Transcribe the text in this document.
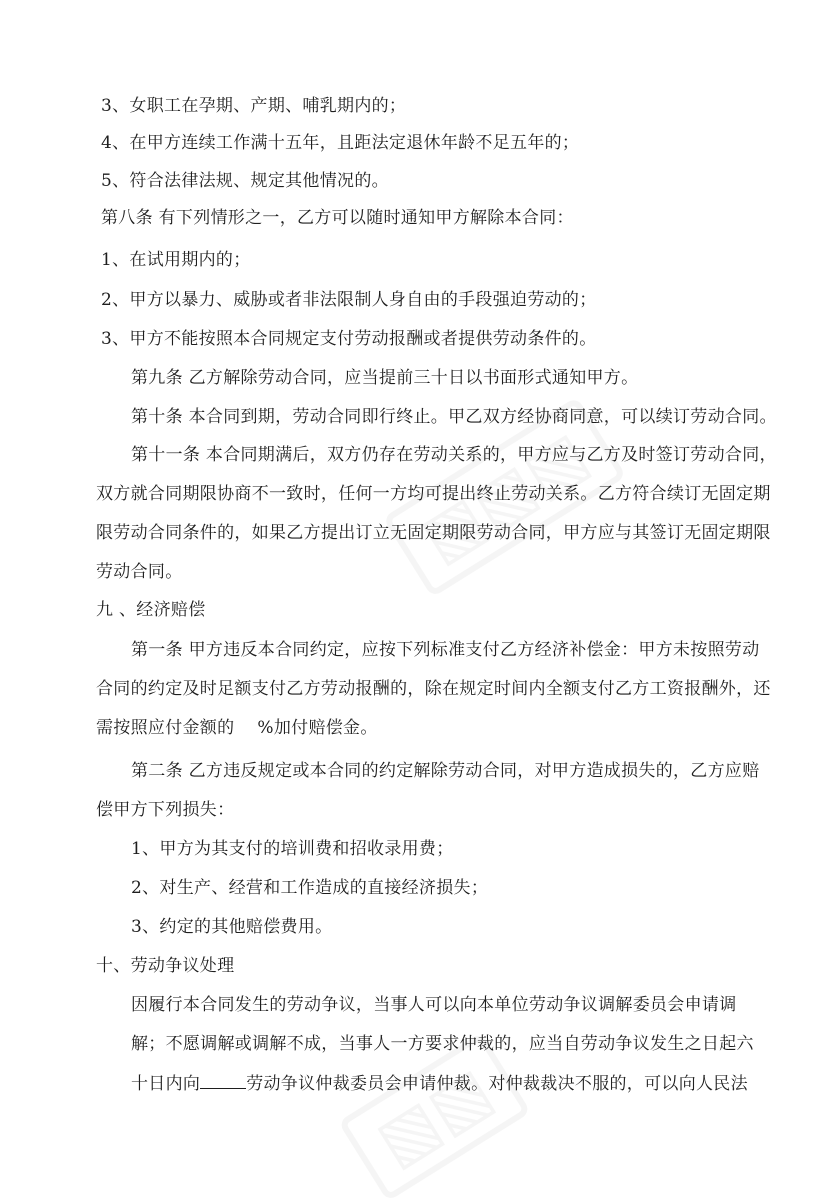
▧▧▧
▧▧
3、女职工在孕期、产期、哺乳期内的；
4、在甲方连续工作满十五年，且距法定退休年龄不足五年的；
5、符合法律法规、规定其他情况的。
第八条 有下列情形之一，乙方可以随时通知甲方解除本合同：
1、在试用期内的；
2、甲方以暴力、威胁或者非法限制人身自由的手段强迫劳动的；
3、甲方不能按照本合同规定支付劳动报酬或者提供劳动条件的。
第九条 乙方解除劳动合同，应当提前三十日以书面形式通知甲方。
第十条 本合同到期，劳动合同即行终止。甲乙双方经协商同意，可以续订劳动合同。
第十一条 本合同期满后，双方仍存在劳动关系的，甲方应与乙方及时签订劳动合同，
双方就合同期限协商不一致时，任何一方均可提出终止劳动关系。乙方符合续订无固定期
限劳动合同条件的，如果乙方提出订立无固定期限劳动合同，甲方应与其签订无固定期限
劳动合同。
九 、经济赔偿
第一条 甲方违反本合同约定，应按下列标准支付乙方经济补偿金：甲方未按照劳动
合同的约定及时足额支付乙方劳动报酬的，除在规定时间内全额支付乙方工资报酬外，还
需按照应付金额的　 %加付赔偿金。
第二条 乙方违反规定或本合同的约定解除劳动合同，对甲方造成损失的，乙方应赔
偿甲方下列损失：
1、甲方为其支付的培训费和招收录用费；
2、对生产、经营和工作造成的直接经济损失；
3、约定的其他赔偿费用。
十、劳动争议处理
因履行本合同发生的劳动争议，当事人可以向本单位劳动争议调解委员会申请调
解；不愿调解或调解不成，当事人一方要求仲裁的，应当自劳动争议发生之日起六
十日内向	劳动争议仲裁委员会申请仲裁。对仲裁裁决不服的，可以向人民法
